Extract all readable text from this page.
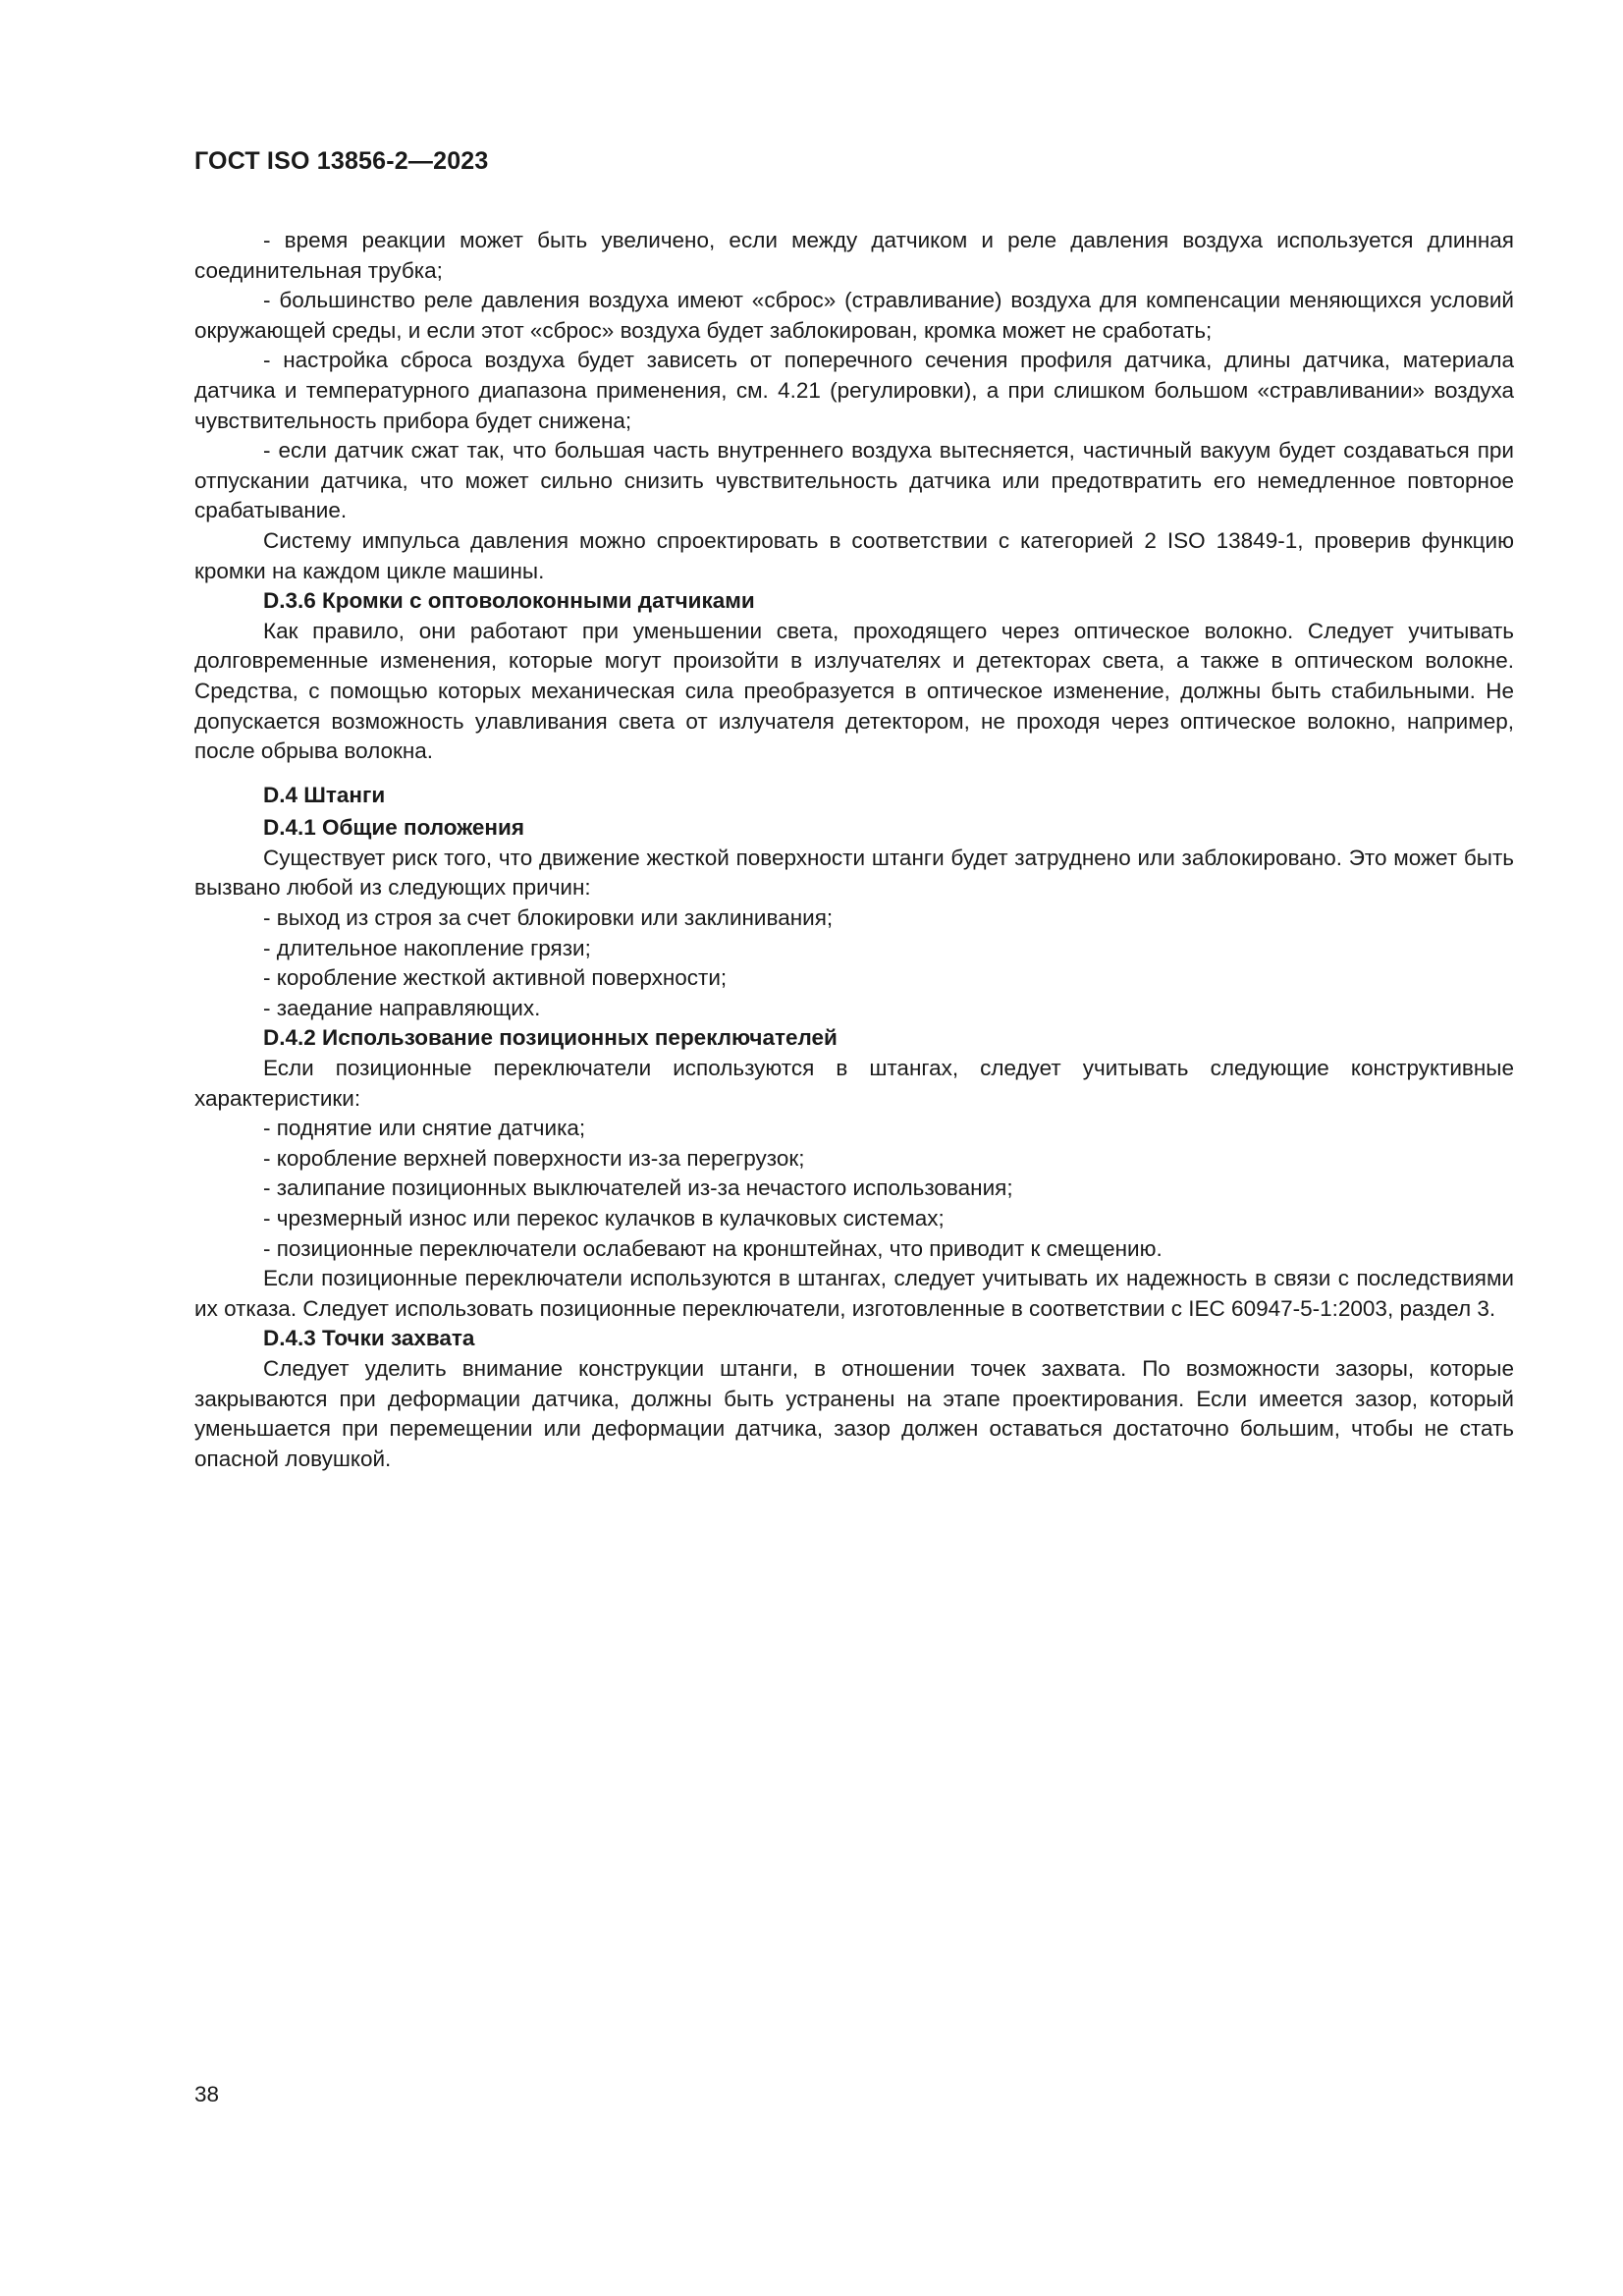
ГОСТ ISO 13856-2—2023

- время реакции может быть увеличено, если между датчиком и реле давления воздуха используется длинная соединительная трубка;

- большинство реле давления воздуха имеют «сброс» (стравливание) воздуха для компенсации меняющихся условий окружающей среды, и если этот «сброс» воздуха будет заблокирован, кромка может не сработать;

- настройка сброса воздуха будет зависеть от поперечного сечения профиля датчика, длины датчика, материала датчика и температурного диапазона применения, см. 4.21 (регулировки), а при слишком большом «стравливании» воздуха чувствительность прибора будет снижена;

- если датчик сжат так, что большая часть внутреннего воздуха вытесняется, частичный вакуум будет создаваться при отпускании датчика, что может сильно снизить чувствительность датчика или предотвратить его немедленное повторное срабатывание.

Систему импульса давления можно спроектировать в соответствии с категорией 2 ISO 13849-1, проверив функцию кромки на каждом цикле машины.

D.3.6 Кромки с оптоволоконными датчиками

Как правило, они работают при уменьшении света, проходящего через оптическое волокно. Следует учитывать долговременные изменения, которые могут произойти в излучателях и детекторах света, а также в оптическом волокне. Средства, с помощью которых механическая сила преобразуется в оптическое изменение, должны быть стабильными. Не допускается возможность улавливания света от излучателя детектором, не проходя через оптическое волокно, например, после обрыва волокна.

D.4 Штанги

D.4.1 Общие положения

Существует риск того, что движение жесткой поверхности штанги будет затруднено или заблокировано. Это может быть вызвано любой из следующих причин:

- выход из строя за счет блокировки или заклинивания;

- длительное накопление грязи;

- коробление жесткой активной поверхности;

- заедание направляющих.

D.4.2 Использование позиционных переключателей

Если позиционные переключатели используются в штангах, следует учитывать следующие конструктивные характеристики:

- поднятие или снятие датчика;

- коробление верхней поверхности из-за перегрузок;

- залипание позиционных выключателей из-за нечастого использования;

- чрезмерный износ или перекос кулачков в кулачковых системах;

- позиционные переключатели ослабевают на кронштейнах, что приводит к смещению.

Если позиционные переключатели используются в штангах, следует учитывать их надежность в связи с последствиями их отказа. Следует использовать позиционные переключатели, изготовленные в соответствии с IEC 60947-5-1:2003, раздел 3.

D.4.3 Точки захвата

Следует уделить внимание конструкции штанги, в отношении точек захвата. По возможности зазоры, которые закрываются при деформации датчика, должны быть устранены на этапе проектирования. Если имеется зазор, который уменьшается при перемещении или деформации датчика, зазор должен оставаться достаточно большим, чтобы не стать опасной ловушкой.

38
